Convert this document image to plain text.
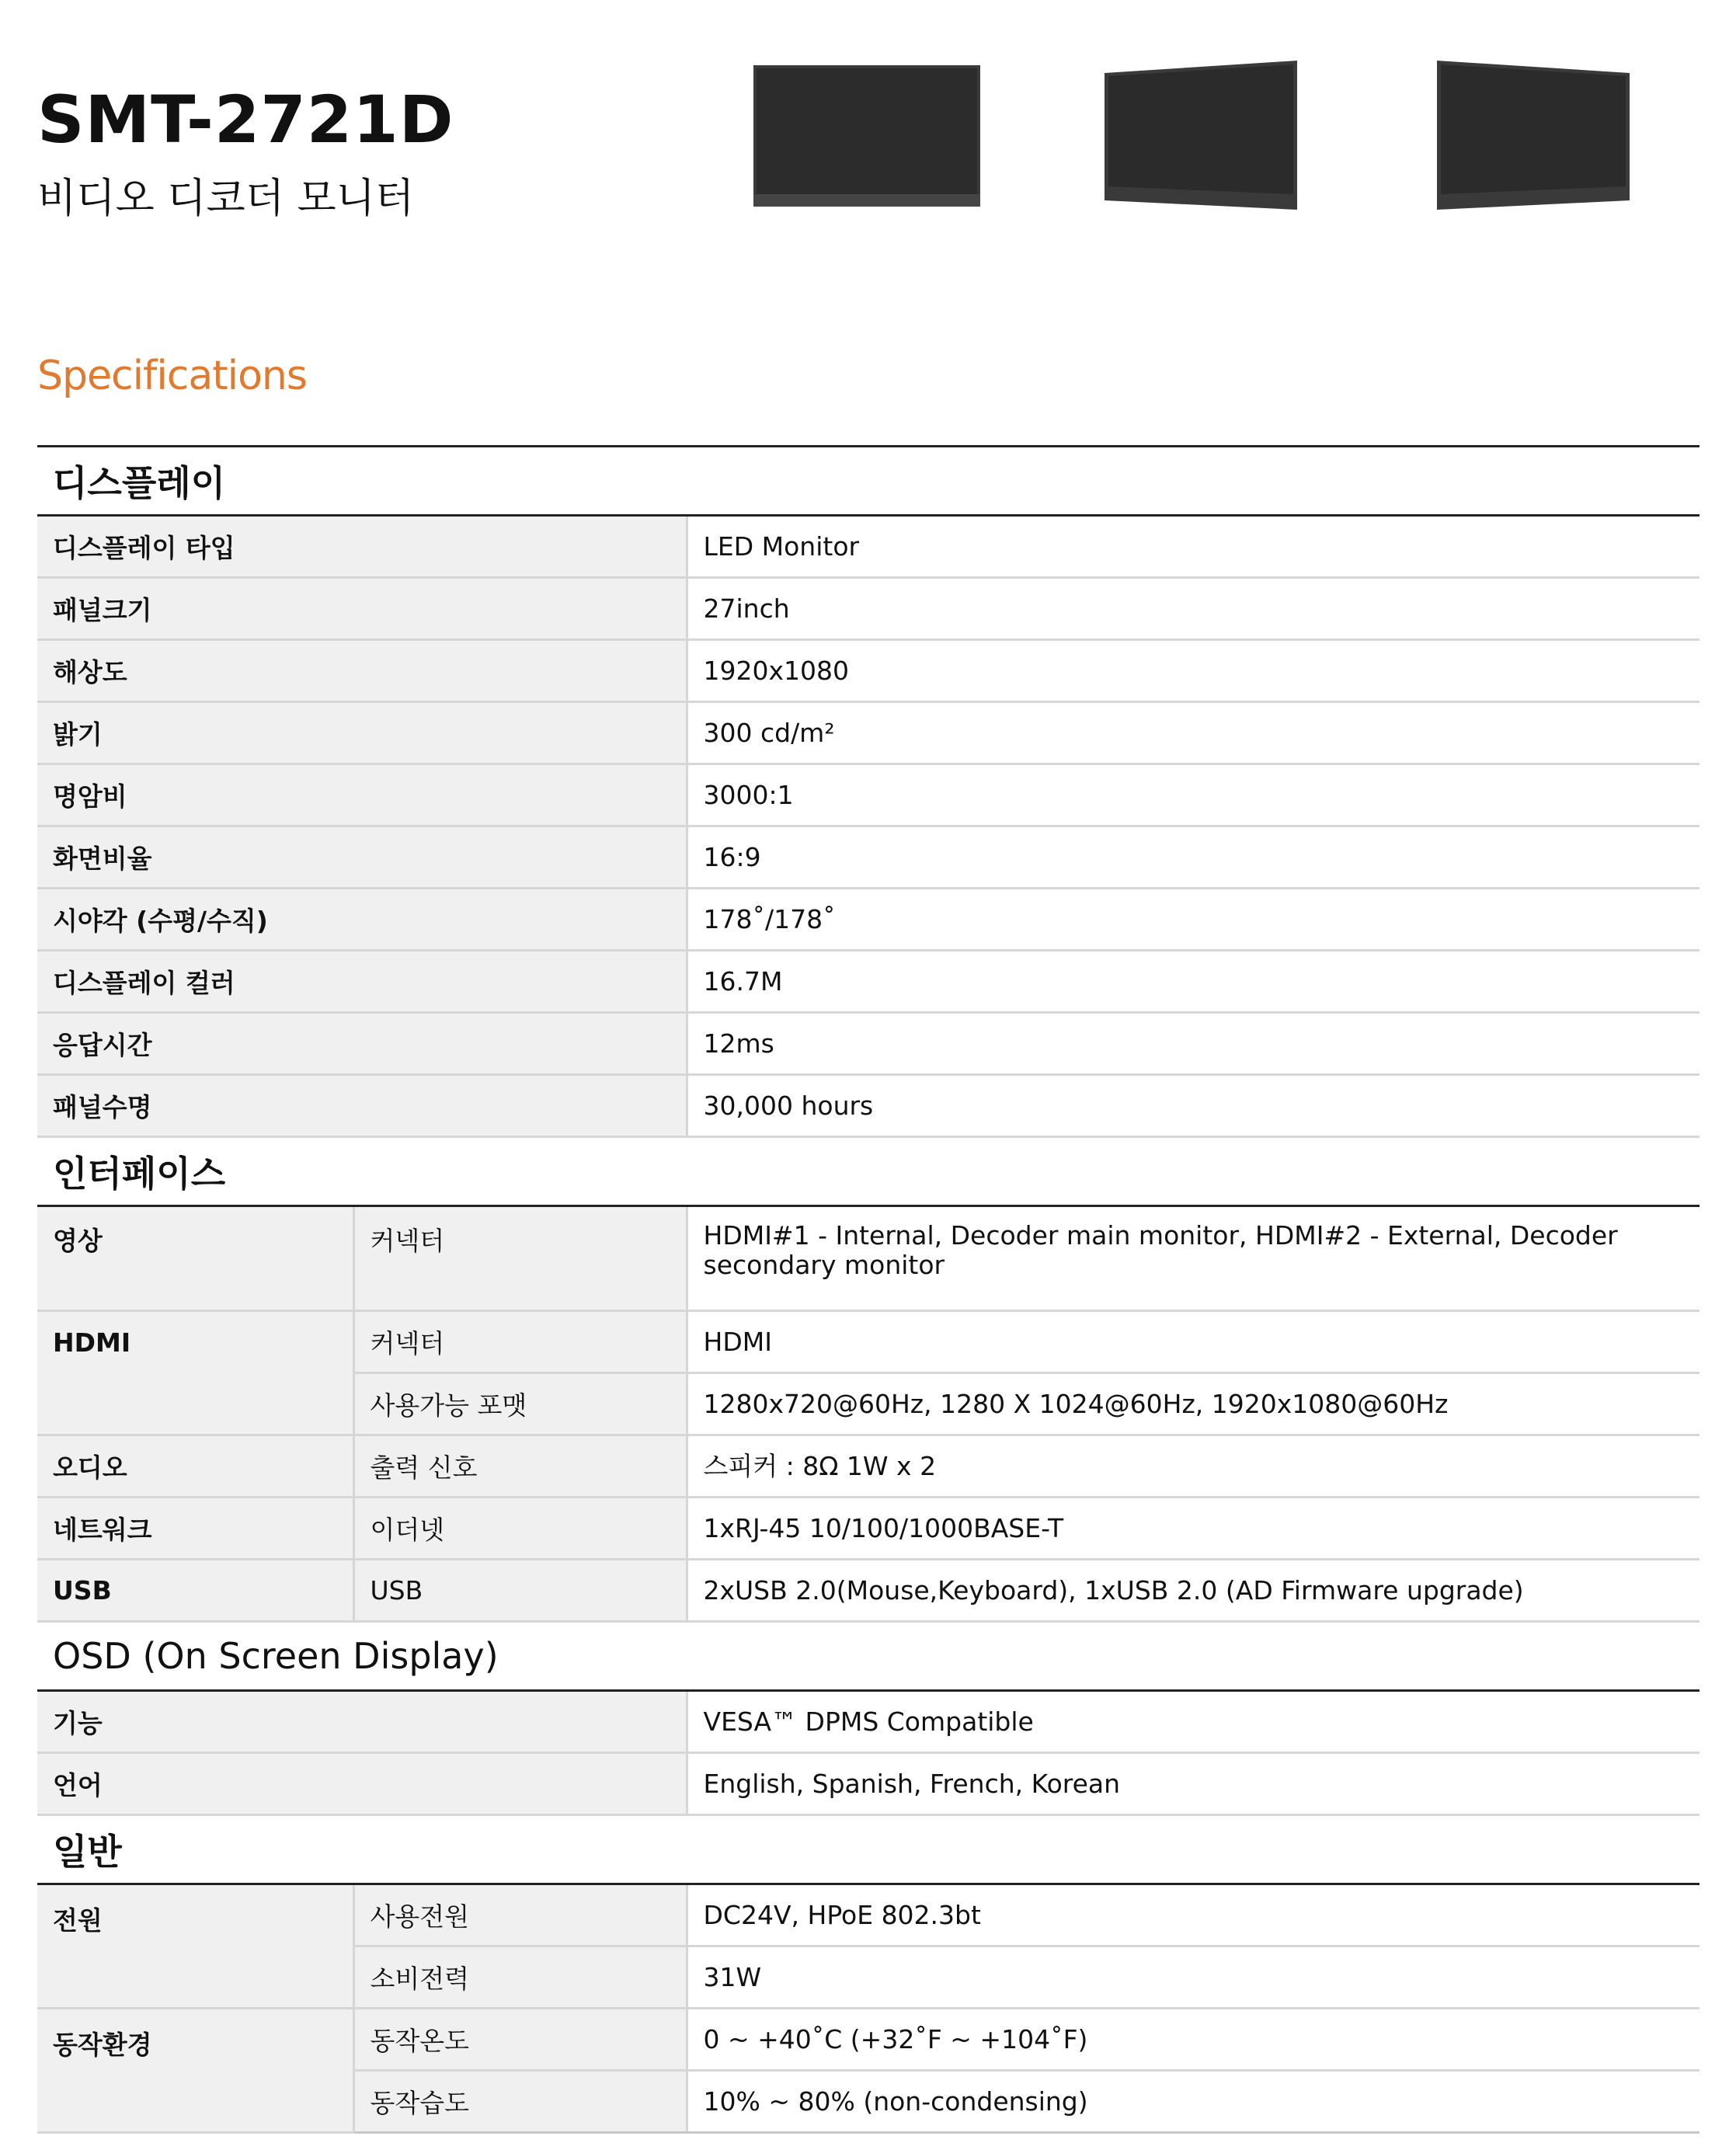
SMT-2721D
비디오 디코더 모니터
Specifications
디스플레이		
디스플레이 타입		LED Monitor
패널크기		27inch
해상도		1920x1080
밝기		300 cd/m²
명암비		3000:1
화면비율		16:9
시야각 (수평/수직)		178˚/178˚
디스플레이 컬러		16.7M
응답시간		12ms
패널수명		30,000 hours
인터페이스		
영상	커넥터	HDMI#1 - Internal, Decoder main monitor, HDMI#2 - External, Decoder secondary monitor
HDMI	커넥터	HDMI
	사용가능 포맷	1280x720@60Hz, 1280 X 1024@60Hz, 1920x1080@60Hz
오디오	출력 신호	스피커 : 8Ω 1W x 2
네트워크	이더넷	1xRJ-45 10/100/1000BASE-T
USB	USB	2xUSB 2.0(Mouse,Keyboard), 1xUSB 2.0 (AD Firmware upgrade)
OSD (On Screen Display)		
기능		VESA™ DPMS Compatible
언어		English, Spanish, French, Korean
일반		
전원	사용전원	DC24V, HPoE 802.3bt
	소비전력	31W
동작환경	동작온도	0 ~ +40˚C (+32˚F ~ +104˚F)
	동작습도	10% ~ 80% (non-condensing)
